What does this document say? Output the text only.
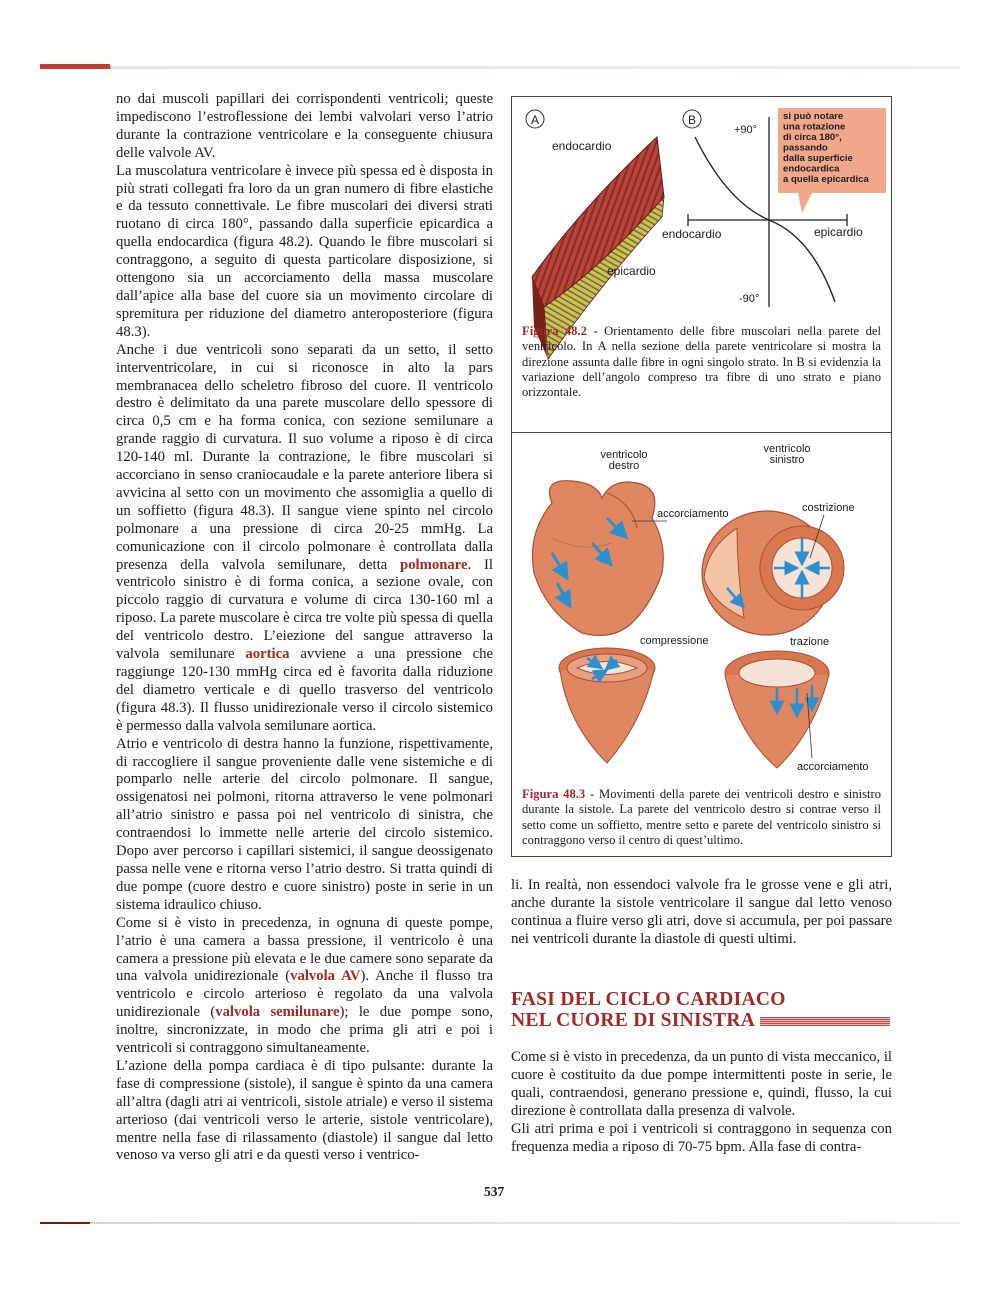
no dai muscoli papillari dei corrispondenti ventricoli; queste impediscono l’estroflessione dei lembi valvolari verso l’atrio durante la contrazione ventricolare e la conseguente chiusura delle valvole AV.

La muscolatura ventricolare è invece più spessa ed è disposta in più strati collegati fra loro da un gran numero di fibre elastiche e da tessuto connettivale. Le fibre muscolari dei diversi strati ruotano di circa 180°, passando dalla superficie epicardica a quella endocardica (figura 48.2). Quando le fibre muscolari si contraggono, a seguito di questa particolare disposizione, si ottengono sia un accorciamento della massa muscolare dall’apice alla base del cuore sia un movimento circolare di spremitura per riduzione del diametro anteroposteriore (figura 48.3).

Anche i due ventricoli sono separati da un setto, il setto interventricolare, in cui si riconosce in alto la pars membranacea dello scheletro fibroso del cuore. Il ventricolo destro è delimitato da una parete muscolare dello spessore di circa 0,5 cm e ha forma conica, con sezione semilunare a grande raggio di curvatura. Il suo volume a riposo è di circa 120-140 ml. Durante la contrazione, le fibre muscolari si accorciano in senso craniocaudale e la parete anteriore libera si avvicina al setto con un movimento che assomiglia a quello di un soffietto (figura 48.3). Il sangue viene spinto nel circolo polmonare a una pressione di circa 20-25 mmHg. La comunicazione con il circolo polmonare è controllata dalla presenza della valvola semilunare, detta polmonare. Il ventricolo sinistro è di forma conica, a sezione ovale, con piccolo raggio di curvatura e volume di circa 130-160 ml a riposo. La parete muscolare è circa tre volte più spessa di quella del ventricolo destro. L’eiezione del sangue attraverso la valvola semilunare aortica avviene a una pressione che raggiunge 120-130 mmHg circa ed è favorita dalla riduzione del diametro verticale e di quello trasverso del ventricolo (figura 48.3). Il flusso unidirezionale verso il circolo sistemico è permesso dalla valvola semilunare aortica.

Atrio e ventricolo di destra hanno la funzione, rispettivamente, di raccogliere il sangue proveniente dalle vene sistemiche e di pomparlo nelle arterie del circolo polmonare. Il sangue, ossigenatosi nei polmoni, ritorna attraverso le vene polmonari all’atrio sinistro e passa poi nel ventricolo di sinistra, che contraendosi lo immette nelle arterie del circolo sistemico. Dopo aver percorso i capillari sistemici, il sangue deossigenato passa nelle vene e ritorna verso l’atrio destro. Si tratta quindi di due pompe (cuore destro e cuore sinistro) poste in serie in un sistema idraulico chiuso.

Come si è visto in precedenza, in ognuna di queste pompe, l’atrio è una camera a bassa pressione, il ventricolo è una camera a pressione più elevata e le due camere sono separate da una valvola unidirezionale (valvola AV). Anche il flusso tra ventricolo e circolo arterioso è regolato da una valvola unidirezionale (valvola semilunare); le due pompe sono, inoltre, sincronizzate, in modo che prima gli atri e poi i ventricoli si contraggono simultaneamente.

L’azione della pompa cardiaca è di tipo pulsante: durante la fase di compressione (sistole), il sangue è spinto da una camera all’altra (dagli atri ai ventricoli, sistole atriale) e verso il sistema arterioso (dai ventricoli verso le arterie, sistole ventricolare), mentre nella fase di rilassamento (diastole) il sangue dal letto venoso va verso gli atri e da questi verso i ventrico-

A
endocardio
epicardio
B
+90°
-90°
endocardio	epicardio
si può notare
una rotazione
di circa 180°,
passando
dalla superficie
endocardica
a quella epicardica
Figura 48.2 - Orientamento delle fibre muscolari nella parete del ventricolo. In A nella sezione della parete ventricolare si mostra la direzione assunta dalle fibre in ogni singolo strato. In B si evidenzia la variazione dell’angolo compreso tra fibre di uno strato e piano orizzontale.
ventricolo
destro
ventricolo
sinistro
accorciamento	costrizione
compressione	trazione
accorciamento
Figura 48.3 - Movimenti della parete dei ventricoli destro e sinistro durante la sistole. La parete del ventricolo destro si contrae verso il setto come un soffietto, mentre setto e parete del ventricolo sinistro si contraggono verso il centro di quest’ultimo.

li. In realtà, non essendoci valvole fra le grosse vene e gli atri, anche durante la sistole ventricolare il sangue dal letto venoso continua a fluire verso gli atri, dove si accumula, per poi passare nei ventricoli durante la diastole di questi ultimi.

FASI DEL CICLO CARDIACO
NEL CUORE DI SINISTRA

Come si è visto in precedenza, da un punto di vista meccanico, il cuore è costituito da due pompe intermittenti poste in serie, le quali, contraendosi, generano pressione e, quindi, flusso, la cui direzione è controllata dalla presenza di valvole.

Gli atri prima e poi i ventricoli si contraggono in sequenza con frequenza media a riposo di 70-75 bpm. Alla fase di contra-

537
